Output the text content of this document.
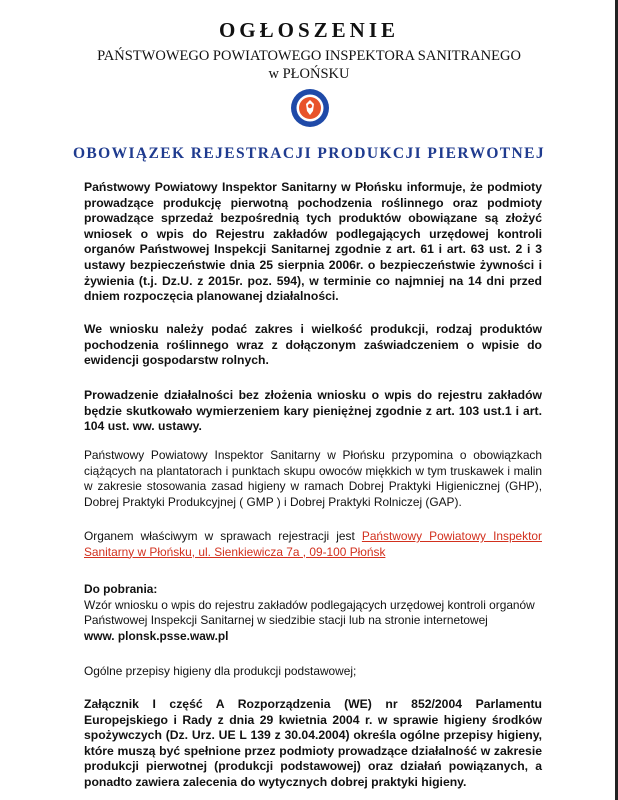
OGŁOSZENIE
PAŃSTWOWEGO POWIATOWEGO INSPEKTORA SANITRANEGO
w PŁOŃSKU
OBOWIĄZEK REJESTRACJI PRODUKCJI PIERWOTNEJ

Państwowy Powiatowy Inspektor Sanitarny w Płońsku informuje, że podmioty prowadzące produkcję pierwotną pochodzenia roślinnego oraz podmioty prowadzące sprzedaż bezpośrednią tych produktów obowiązane są złożyć wniosek o wpis do Rejestru zakładów podlegających urzędowej kontroli organów Państwowej Inspekcji Sanitarnej zgodnie z art. 61 i art. 63 ust. 2 i 3 ustawy bezpieczeństwie dnia 25 sierpnia 2006r. o bezpieczeństwie żywności i żywienia (t.j. Dz.U. z 2015r. poz. 594), w terminie co najmniej na 14 dni przed dniem rozpoczęcia planowanej działalności.

We wniosku należy podać zakres i wielkość produkcji, rodzaj produktów pochodzenia roślinnego wraz z dołączonym zaświadczeniem o wpisie do ewidencji gospodarstw rolnych.

Prowadzenie działalności bez złożenia wniosku o wpis do rejestru zakładów będzie skutkowało wymierzeniem kary pieniężnej zgodnie z art. 103 ust.1 i art. 104 ust. ww. ustawy.

Państwowy Powiatowy Inspektor Sanitarny w Płońsku przypomina o obowiązkach ciążących na plantatorach i punktach skupu owoców miękkich w tym truskawek i malin w zakresie stosowania zasad higieny w ramach Dobrej Praktyki Higienicznej (GHP), Dobrej Praktyki Produkcyjnej ( GMP ) i Dobrej Praktyki Rolniczej (GAP).

Organem właściwym w sprawach rejestracji jest Państwowy Powiatowy Inspektor Sanitarny w Płońsku, ul. Sienkiewicza 7a , 09-100 Płońsk

Do pobrania:
Wzór wniosku o wpis do rejestru zakładów podlegających urzędowej kontroli organów
Państwowej Inspekcji Sanitarnej w siedzibie stacji lub na stronie internetowej
www. plonsk.psse.waw.pl

Ogólne przepisy higieny dla produkcji podstawowej;

Załącznik I część A Rozporządzenia (WE) nr 852/2004 Parlamentu Europejskiego i Rady z dnia 29 kwietnia 2004 r. w sprawie higieny środków spożywczych (Dz. Urz. UE L 139 z 30.04.2004) określa ogólne przepisy higieny, które muszą być spełnione przez podmioty prowadzące działalność w zakresie produkcji pierwotnej (produkcji podstawowej) oraz działań powiązanych, a ponadto zawiera zalecenia do wytycznych dobrej praktyki higieny.
